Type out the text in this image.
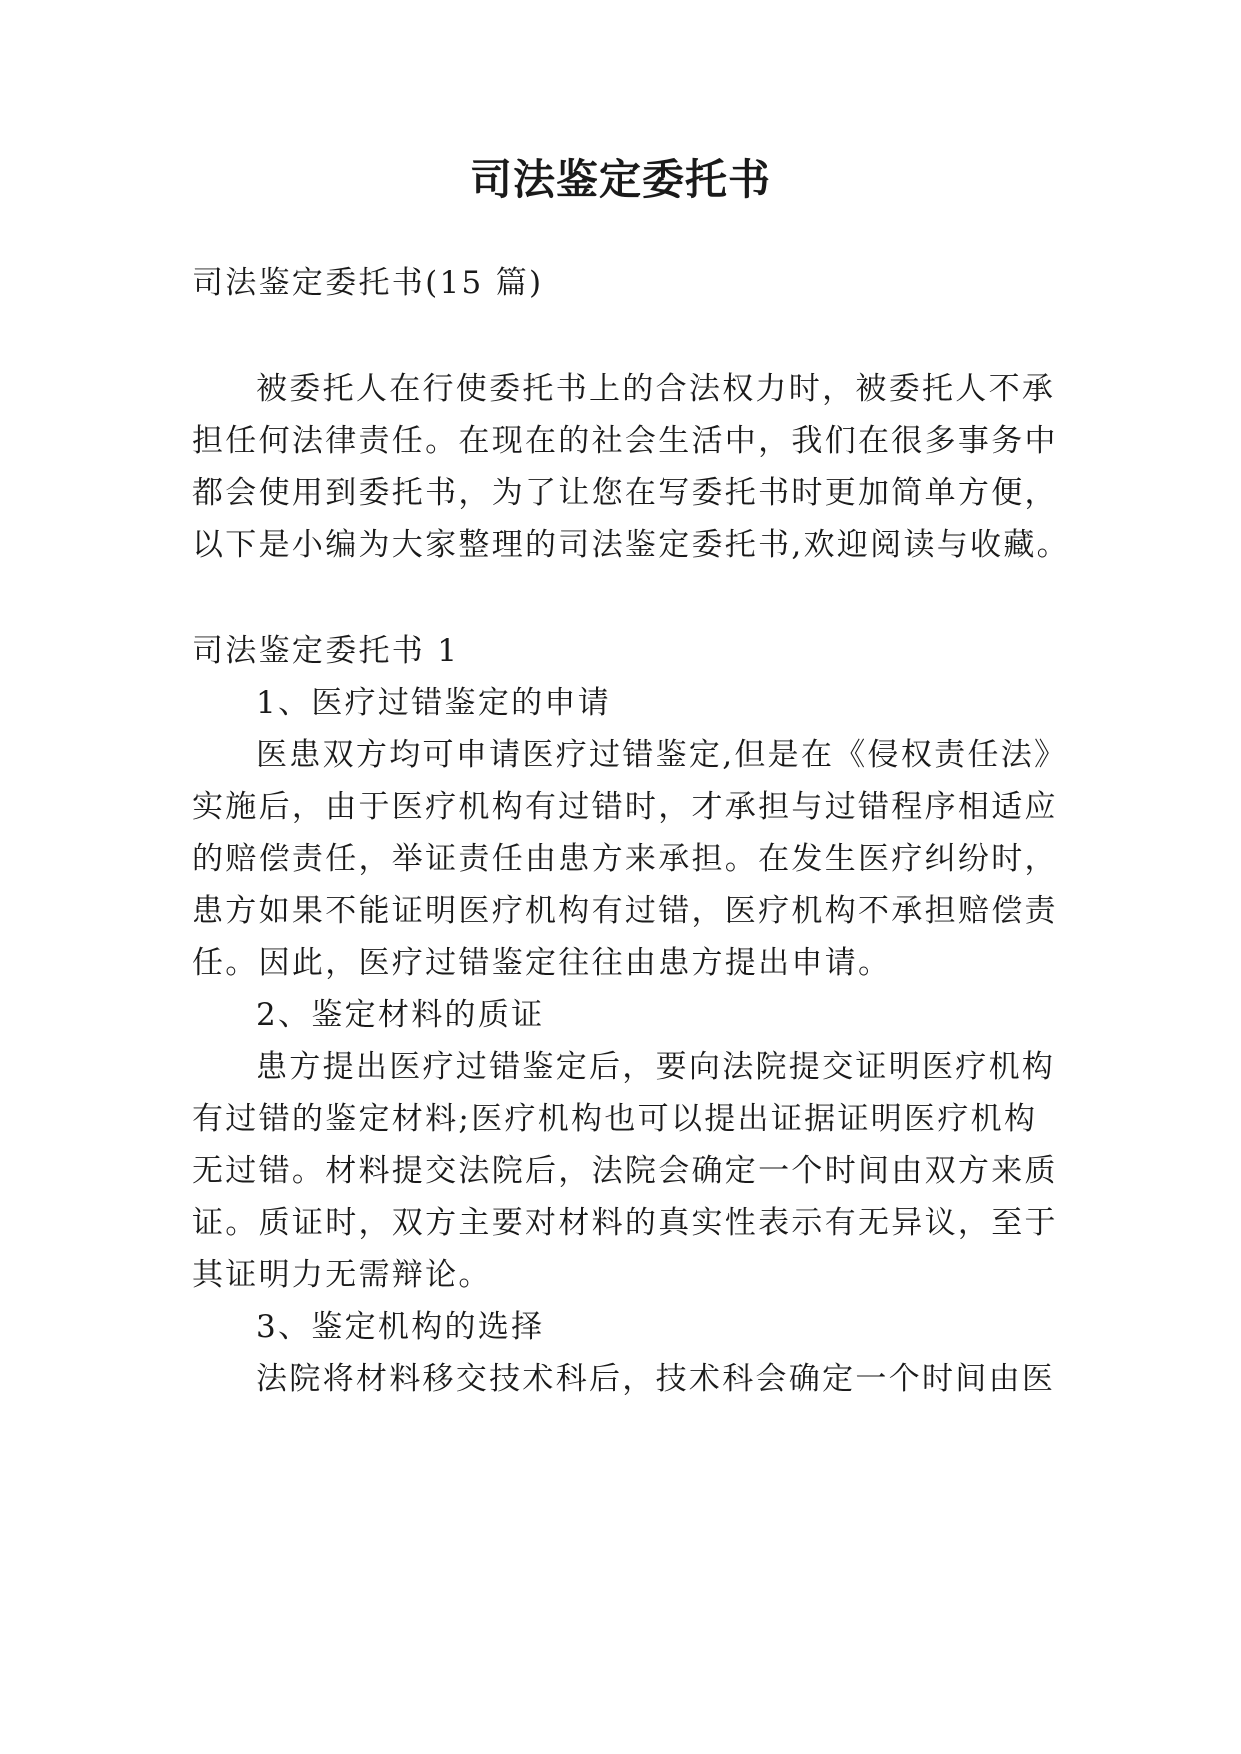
司法鉴定委托书

司法鉴定委托书(15 篇)

被委托人在行使委托书上的合法权力时，被委托人不承

担任何法律责任。在现在的社会生活中，我们在很多事务中

都会使用到委托书，为了让您在写委托书时更加简单方便，

以下是小编为大家整理的司法鉴定委托书,欢迎阅读与收藏。

司法鉴定委托书 1

1、医疗过错鉴定的申请

医患双方均可申请医疗过错鉴定,但是在《侵权责任法》

实施后，由于医疗机构有过错时，才承担与过错程序相适应

的赔偿责任，举证责任由患方来承担。在发生医疗纠纷时，

患方如果不能证明医疗机构有过错，医疗机构不承担赔偿责

任。因此，医疗过错鉴定往往由患方提出申请。

2、鉴定材料的质证

患方提出医疗过错鉴定后，要向法院提交证明医疗机构

有过错的鉴定材料;医疗机构也可以提出证据证明医疗机构

无过错。材料提交法院后，法院会确定一个时间由双方来质

证。质证时，双方主要对材料的真实性表示有无异议，至于

其证明力无需辩论。

3、鉴定机构的选择

法院将材料移交技术科后，技术科会确定一个时间由医
